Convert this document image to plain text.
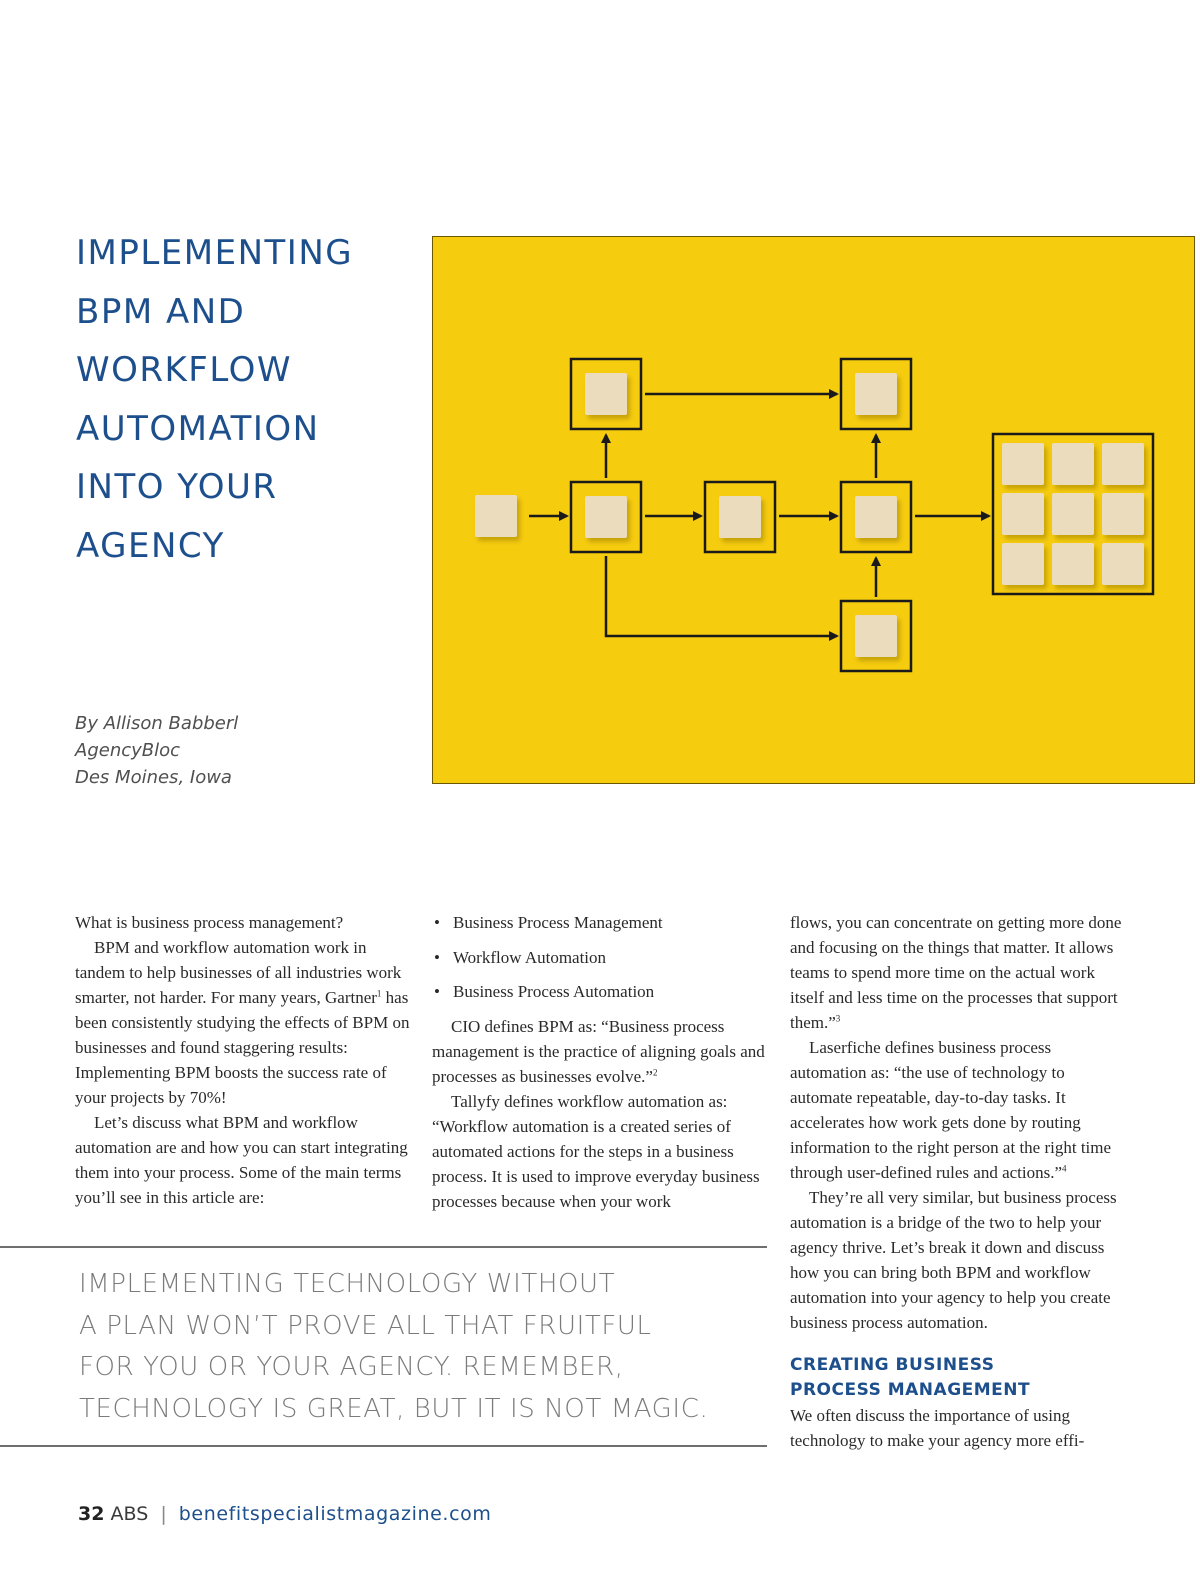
IMPLEMENTING
BPM AND
WORKFLOW
AUTOMATION
INTO YOUR
AGENCY
By Allison Babberl
AgencyBloc
Des Moines, Iowa

What is business process management?

BPM and workflow automation work in tandem to help businesses of all industries work smarter, not harder. For many years, Gartner$^1$ has been consistently studying the effects of BPM on businesses and found staggering results: Implementing BPM boosts the success rate of your projects by 70%!

Let’s discuss what BPM and workflow automation are and how you can start integrating them into your process. Some of the main terms you’ll see in this article are:

• Business Process Management
• Workflow Automation
• Business Process Automation

CIO defines BPM as: “Business process management is the practice of aligning goals and processes as businesses evolve.”$^2$

Tallyfy defines workflow automation as: “Workflow automation is a created series of automated actions for the steps in a business process. It is used to improve everyday business processes because when your work

flows, you can concentrate on getting more done and focusing on the things that matter. It allows teams to spend more time on the actual work itself and less time on the processes that support them.”$^3$

Laserfiche defines business process automation as: “the use of technology to automate repeatable, day-to-day tasks. It accelerates how work gets done by routing information to the right person at the right time through user-defined rules and actions.”$^4$

They’re all very similar, but business process automation is a bridge of the two to help your agency thrive. Let’s break it down and discuss how you can bring both BPM and workflow automation into your agency to help you create business process automation.

CREATING BUSINESS
PROCESS MANAGEMENT

We often discuss the importance of using technology to make your agency more effi-

IMPLEMENTING TECHNOLOGY WITHOUT
A PLAN WON’T PROVE ALL THAT FRUITFUL
FOR YOU OR YOUR AGENCY. REMEMBER,
TECHNOLOGY IS GREAT, BUT IT IS NOT MAGIC.
32 ABS | benefitspecialistmagazine.com
